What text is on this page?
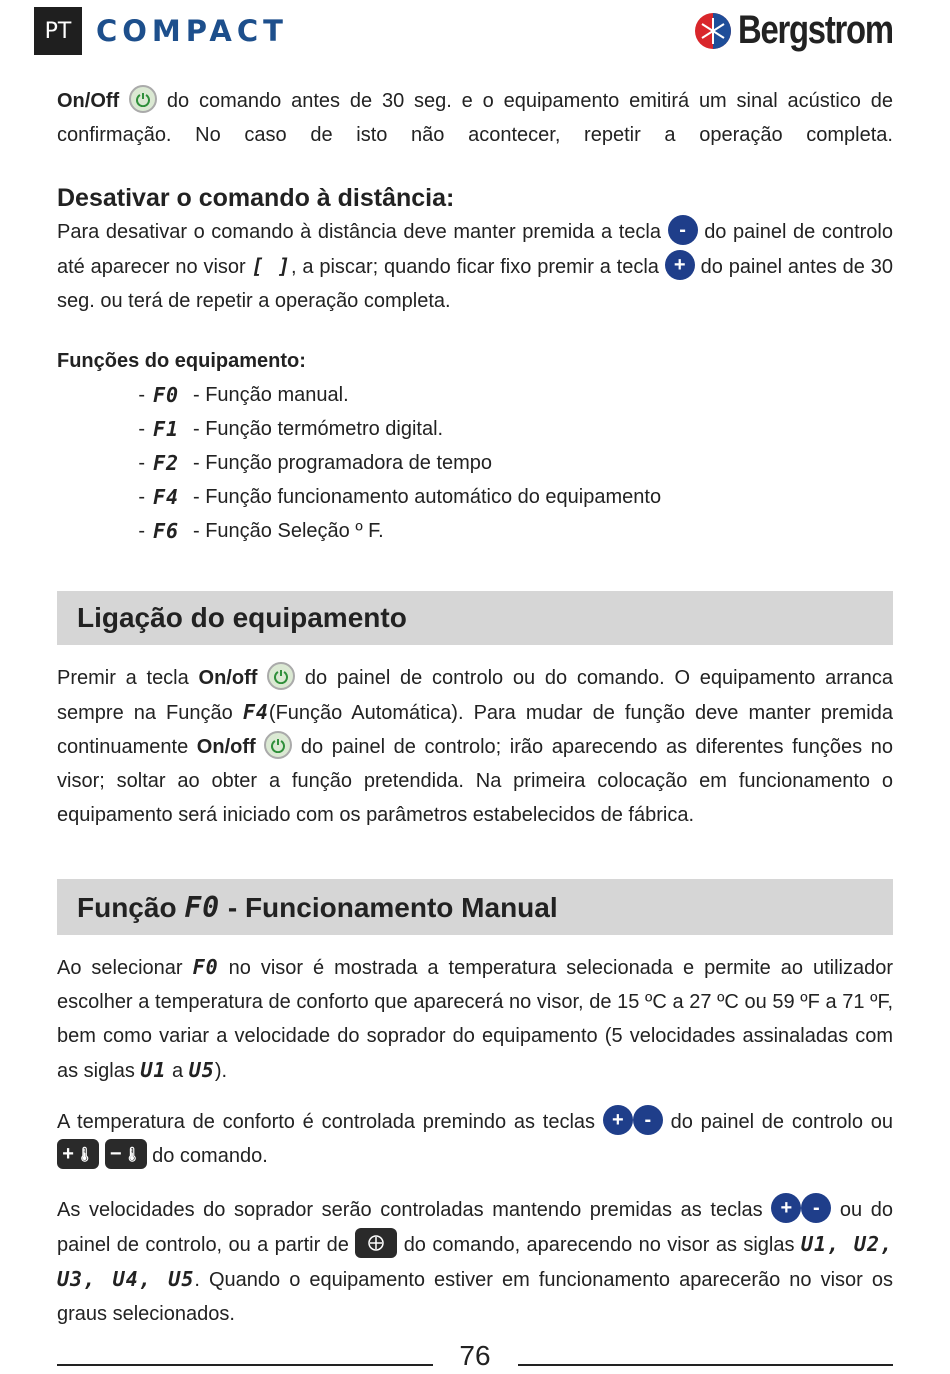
PT COMPACT	Bergstrom

On/Off do comando antes de 30 seg. e o equipamento emitirá um sinal acústico de confirmação. No caso de isto não acontecer, repetir a operação completa.

Desativar o comando à distância:

Para desativar o comando à distância deve manter premida a tecla - do painel de controlo até aparecer no visor [ ], a piscar; quando ficar fixo premir a tecla + do painel antes de 30 seg. ou terá de repetir a operação completa.

Funções do equipamento:

- F0 - Função manual.
- F1 - Função termómetro digital.
- F2 - Função programadora de tempo
- F4 - Função funcionamento automático do equipamento
- F6 - Função Seleção º F.
Ligação do equipamento

Premir a tecla On/off do painel de controlo ou do comando. O equipamento arranca sempre na Função F4(Função Automática). Para mudar de função deve manter premida continuamente On/off do painel de controlo; irão aparecendo as diferentes funções no visor; soltar ao obter a função pretendida. Na primeira colocação em funcionamento o equipamento será iniciado com os parâmetros estabelecidos de fábrica.

Função F0 - Funcionamento Manual

Ao selecionar F0 no visor é mostrada a temperatura selecionada e permite ao utilizador escolher a temperatura de conforto que aparecerá no visor, de 15 ºC a 27 ºC ou 59 ºF a 71 ºF, bem como variar a velocidade do soprador do equipamento (5 velocidades assinaladas com as siglas U1 a U5).

A temperatura de conforto é controlada premindo as teclas + - do painel de controlo ou
+ 🌡
− 🌡 do comando.

As velocidades do soprador serão controladas mantendo premidas as teclas + - ou do painel de controlo, ou a partir de	do comando, aparecendo no visor as siglas U1, U2, U3, U4, U5. Quando o equipamento estiver em funcionamento aparecerão no visor os graus selecionados.

76
